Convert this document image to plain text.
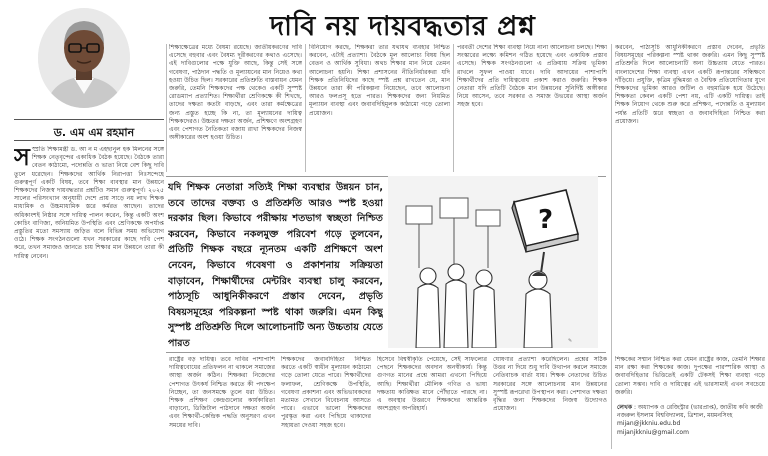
দাবি নয় দায়বদ্ধতার প্রশ্ন
ড. এম এম রহমান
স স্প্রতি শিক্ষামন্ত্রী ড. আ ন ম এহছানুল হক মিলনের সঙ্গে শিক্ষক নেতৃবৃন্দের একাধিক বৈঠক হয়েছে। বৈঠকে তারা বেতন কাঠামো, পদোন্নতি ও ভাতা নিয়ে বেশ কিছু দাবি তুলে ধরেছেন। শিক্ষকদের আর্থিক নিরাপত্তা নিঃসন্দেহে গুরুত্বপূর্ণ একটি বিষয়, তবে শিক্ষা ব্যবস্থার মান উন্নয়নে শিক্ষকদের নিজস্ব দায়বদ্ধতার প্রশ্নটিও সমান গুরুত্বপূর্ণ। ২০২৫ সালের পরিসংখ্যান অনুযায়ী দেশে প্রায় সাড়ে নয় লাখ শিক্ষক মাধ্যমিক ও উচ্চমাধ্যমিক স্তরে কর্মরত আছেন। তাদের অধিকাংশই নিষ্ঠার সঙ্গে দায়িত্ব পালন করেন, কিন্তু একটি অংশ কোচিং বাণিজ্য, অনিয়মিত উপস্থিতি এবং শ্রেণিকক্ষে অপর্যাপ্ত প্রস্তুতির মতো সমস্যায় জড়িত বলে বিভিন্ন সময় অভিযোগ ওঠে। শিক্ষক সংগঠনগুলো যখন সরকারের কাছে দাবি পেশ করে, তখন সমাজও জানতে চায় শিক্ষার মান উন্নয়নে তারা কী দায়িত্ব নেবেন।

শিক্ষাক্ষেত্রের মধ্যে বৈষম্য রয়েছে। জাতীয়করণের দাবি এসেছে বহুবার এবং বৈষম্য দূরীকরণের কথাও এসেছে। এই দাবিগুলোর পক্ষে যুক্তি আছে, কিন্তু সেই সঙ্গে গবেষণা, পাঠদান পদ্ধতি ও মূল্যায়নের মান নিয়েও কথা হওয়া উচিত ছিল। সরকারের প্রতিশ্রুতি বাস্তবায়ন যেমন জরুরি, তেমনি শিক্ষকদের পক্ষ থেকেও একটি সুস্পষ্ট রোডম্যাপ প্রত্যাশিত। শিক্ষার্থীরা শ্রেণিকক্ষে কী শিখছে, তাদের দক্ষতা কতটা বাড়ছে, এবং তারা কর্মক্ষেত্রের জন্য প্রস্তুত হচ্ছে কি না, তা মূল্যায়নের দায়িত্ব শিক্ষকদেরও। উচ্চতর দক্ষতা অর্জন, প্রশিক্ষণে অংশগ্রহণ এবং পেশাগত নৈতিকতা বজায় রাখা শিক্ষকদের নিজস্ব অঙ্গীকারের অংশ হওয়া উচিত।

বিনিয়োগ করছে, শিক্ষকরা তার যথাযথ ব্যবহার নিশ্চিত করবেন, এটাই প্রত্যাশা। বৈঠকে মূল আলোচ্য বিষয় ছিল বেতন ও আর্থিক সুবিধা। অথচ শিক্ষার মান নিয়ে তেমন আলোচনা হয়নি। শিক্ষা প্রশাসনের নীতিনির্ধারকরা যদি শিক্ষক প্রতিনিধিদের কাছে স্পষ্ট প্রশ্ন রাখতেন যে, মান উন্নয়নে তারা কী পরিকল্পনা নিয়েছেন, তবে আলোচনা আরও ফলপ্রসূ হতে পারত। শিক্ষকদের জন্য নিয়মিত মূল্যায়ন ব্যবস্থা এবং জবাবদিহিমূলক কাঠামো গড়ে তোলা প্রয়োজন।

পরবর্তী দেশের শিক্ষা ব্যবস্থা নিয়ে নানা আলোচনা চলছে। শিক্ষা সংস্কারের লক্ষ্যে কমিশন গঠিত হয়েছে এবং একাধিক প্রস্তাব এসেছে। শিক্ষক সংগঠনগুলো এ প্রক্রিয়ায় সক্রিয় ভূমিকা রাখলে সুফল পাওয়া যাবে। দাবি আদায়ের পাশাপাশি শিক্ষার্থীদের প্রতি দায়িত্ববোধ প্রকাশ করাও জরুরি। শিক্ষক নেতারা যদি প্রতিটি বৈঠকে মান উন্নয়নের সুনির্দিষ্ট অঙ্গীকার নিয়ে আসেন, তবে সরকার ও সমাজ উভয়ের আস্থা অর্জন সহজ হবে।

করবেন, পাঠ্যসূচি আধুনিকীকরণে প্রস্তাব দেবেন, প্রভৃতি বিষয়সমূহের পরিকল্পনা স্পষ্ট থাকা জরুরি। এমন কিছু সুস্পষ্ট প্রতিশ্রুতি দিলে আলোচনাটি অন্য উচ্চতায় যেতে পারত। বাংলাদেশের শিক্ষা ব্যবস্থা এখন একটি রূপান্তরের সন্ধিক্ষণে দাঁড়িয়ে। প্রযুক্তি, কৃত্রিম বুদ্ধিমত্তা ও বৈশ্বিক প্রতিযোগিতার যুগে শিক্ষকদের ভূমিকা আরও জটিল ও বহুমাত্রিক হয়ে উঠেছে। শিক্ষকতা কেবল একটি পেশা নয়, এটি একটি দায়িত্ব। তাই শিক্ষক নিয়োগ থেকে শুরু করে প্রশিক্ষণ, পদোন্নতি ও মূল্যায়ন পর্যন্ত প্রতিটি স্তরে স্বচ্ছতা ও জবাবদিহিতা নিশ্চিত করা প্রয়োজন।

যদি শিক্ষক নেতারা সত্যিই শিক্ষা ব্যবস্থার উন্নয়ন চান, তবে তাদের বক্তব্য ও প্রতিশ্রুতি আরও স্পষ্ট হওয়া দরকার ছিল। কিভাবে পরীক্ষায় শতভাগ স্বচ্ছতা নিশ্চিত করবেন, কিভাবে নকলমুক্ত পরিবেশ গড়ে তুলবেন, প্রতিটি শিক্ষক বছরে ন্যূনতম একটি প্রশিক্ষণে অংশ নেবেন, কিভাবে গবেষণা ও প্রকাশনায় সক্রিয়তা বাড়াবেন, শিক্ষার্থীদের মেন্টরিং ব্যবস্থা চালু করবেন, পাঠ্যসূচি আধুনিকীকরণে প্রস্তাব দেবেন, প্রভৃতি বিষয়সমূহের পরিকল্পনা স্পষ্ট থাকা জরুরি। এমন কিছু সুস্পষ্ট প্রতিশ্রুতি দিলে আলোচনাটি অন্য উচ্চতায় যেতে পারত
?
✎

রাষ্ট্রের বড় দায়িত্ব। তবে দাবির পাশাপাশি দায়িত্ববোধের প্রতিফলন না থাকলে সমাজের আস্থা অর্জন কঠিন। শিক্ষকরা নিজেদের পেশাগত উৎকর্ষ নিশ্চিত করতে কী পদক্ষেপ নিচ্ছেন, তা জনসমক্ষে তুলে ধরা উচিত। শিক্ষক প্রশিক্ষণ কেন্দ্রগুলোর কার্যকারিতা বাড়ানো, ডিজিটাল পাঠদানে দক্ষতা অর্জন এবং শিক্ষার্থী-কেন্দ্রিক পদ্ধতি অনুসরণ এখন সময়ের দাবি।

শিক্ষকদের জবাবদিহিতা নিশ্চিত করতে একটি স্বাধীন মূল্যায়ন কাঠামো গড়ে তোলা যেতে পারে। শিক্ষার্থীদের ফলাফল, শ্রেণিকক্ষে উপস্থিতি, গবেষণা প্রকাশনা এবং অভিভাবকদের মতামত সেখানে বিবেচনায় আসতে পারে। এভাবে ভালো শিক্ষকদের পুরস্কৃত করা এবং পিছিয়ে থাকাদের সহায়তা দেওয়া সহজ হবে।

হিসেবে বিশ্বস্বীকৃতি পেয়েছে, সেই সাফল্যের পেছনে শিক্ষকদের অবদান অনস্বীকার্য। কিন্তু গুণগত মানের প্রশ্নে আমরা এখনো পিছিয়ে আছি। শিক্ষার্থীরা মৌলিক গণিত ও ভাষা দক্ষতায় কাঙ্ক্ষিত মানে পৌঁছাতে পারছে না। এ অবস্থার উত্তরণে শিক্ষকদের আন্তরিক অংশগ্রহণ অপরিহার্য।

ঘোষণার প্রত্যাশা করেছিলেন। প্রশ্নের সঠিক উত্তর না দিয়ে শুধু দাবি উত্থাপন করলে সমাজে নেতিবাচক বার্তা যায়। শিক্ষক নেতাদের উচিত সরকারের সঙ্গে আলোচনায় মান উন্নয়নের সুস্পষ্ট রূপরেখা উপস্থাপন করা। পেশাগত দক্ষতা বৃদ্ধির জন্য শিক্ষকদের নিজস্ব উদ্যোগও প্রয়োজন।

শিক্ষকের সম্মান নিশ্চিত করা যেমন রাষ্ট্রের কাজ, তেমনি শিক্ষার মান রক্ষা করা শিক্ষকের কাজ। দুপক্ষের পারস্পরিক আস্থা ও জবাবদিহিতার ভিত্তিতেই একটি টেকসই শিক্ষা ব্যবস্থা গড়ে তোলা সম্ভব। দাবি ও দায়িত্বের এই ভারসাম্যই এখন সবচেয়ে জরুরি।

লেখক : অধ্যাপক ও রেজিস্ট্রার (ভারপ্রাপ্ত), জাতীয় কবি কাজী নজরুল ইসলাম বিশ্ববিদ্যালয়, ত্রিশাল, ময়মনসিংহ
mijan@jkkniu.edu.bd
mijanjkkniu@gmail.com
